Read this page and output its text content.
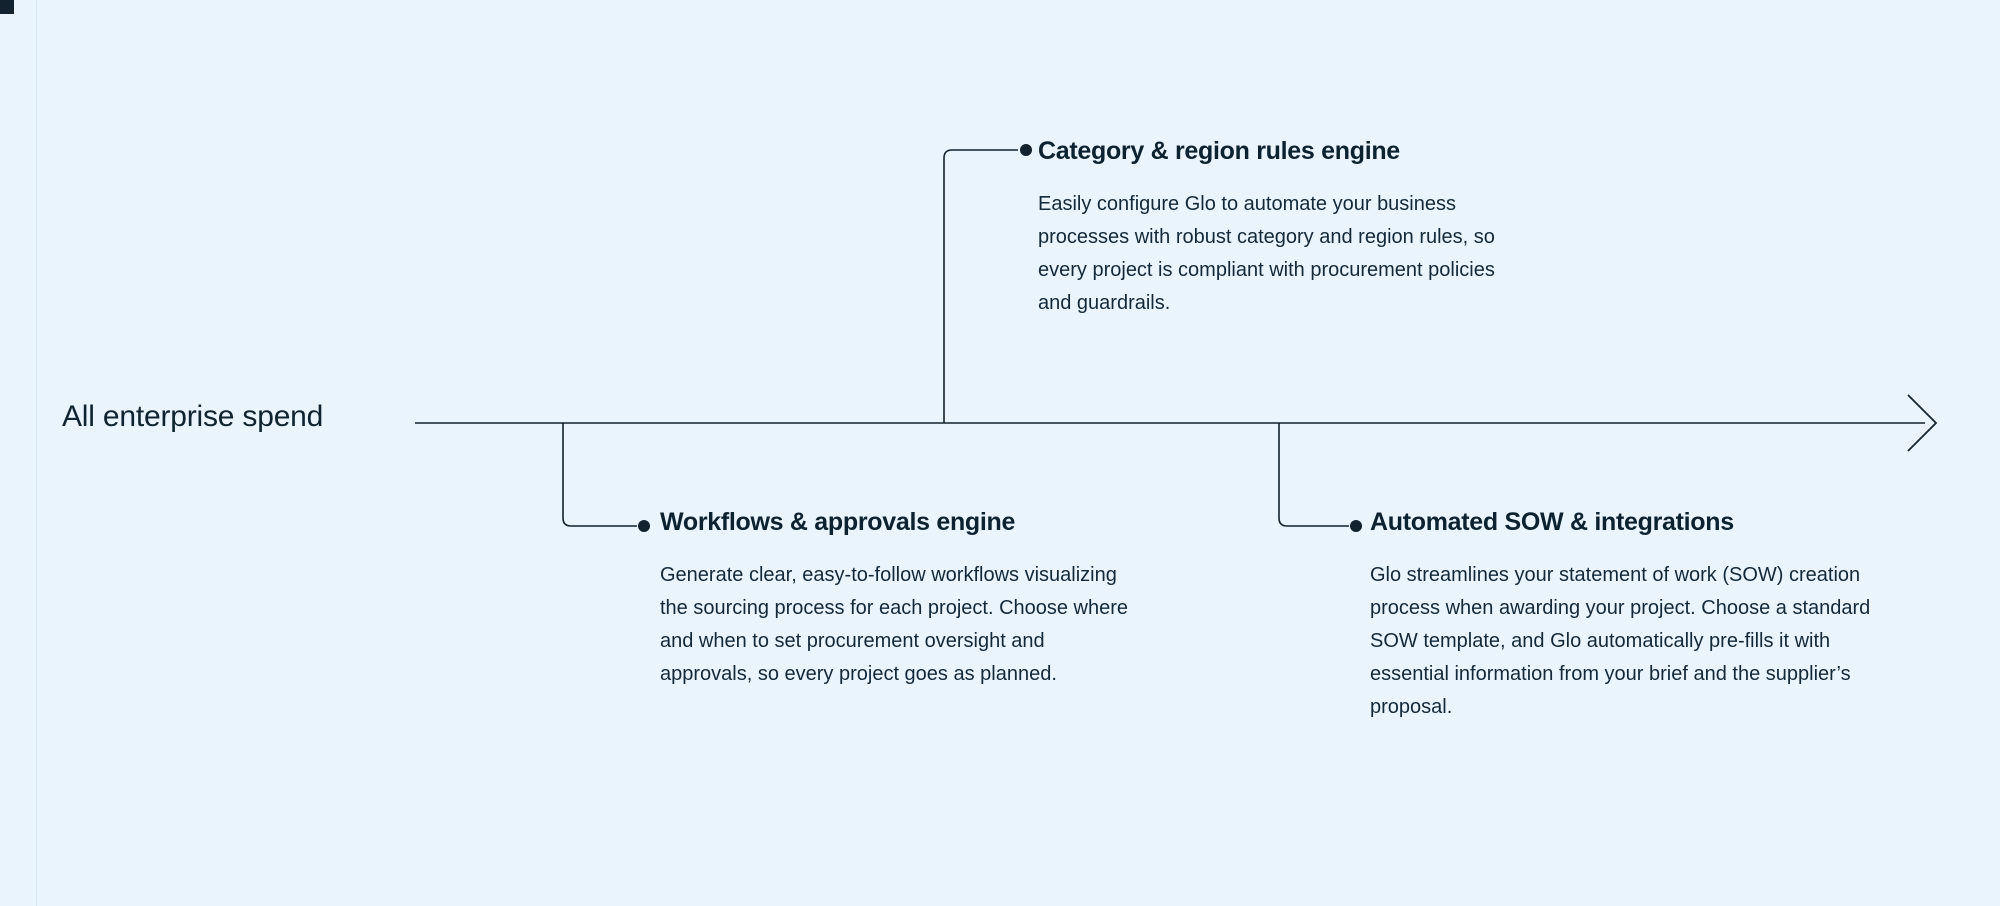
All enterprise spend
Category & region rules engine

Easily configure Glo to automate your business processes with robust category and region rules, so every project is compliant with procurement policies and guardrails.

Workflows & approvals engine

Generate clear, easy-to-follow workflows visualizing the sourcing process for each project. Choose where and when to set procurement oversight and approvals, so every project goes as planned.

Automated SOW & integrations

Glo streamlines your statement of work (SOW) creation process when awarding your project. Choose a standard SOW template, and Glo automatically pre-fills it with essential information from your brief and the supplier’s proposal.
